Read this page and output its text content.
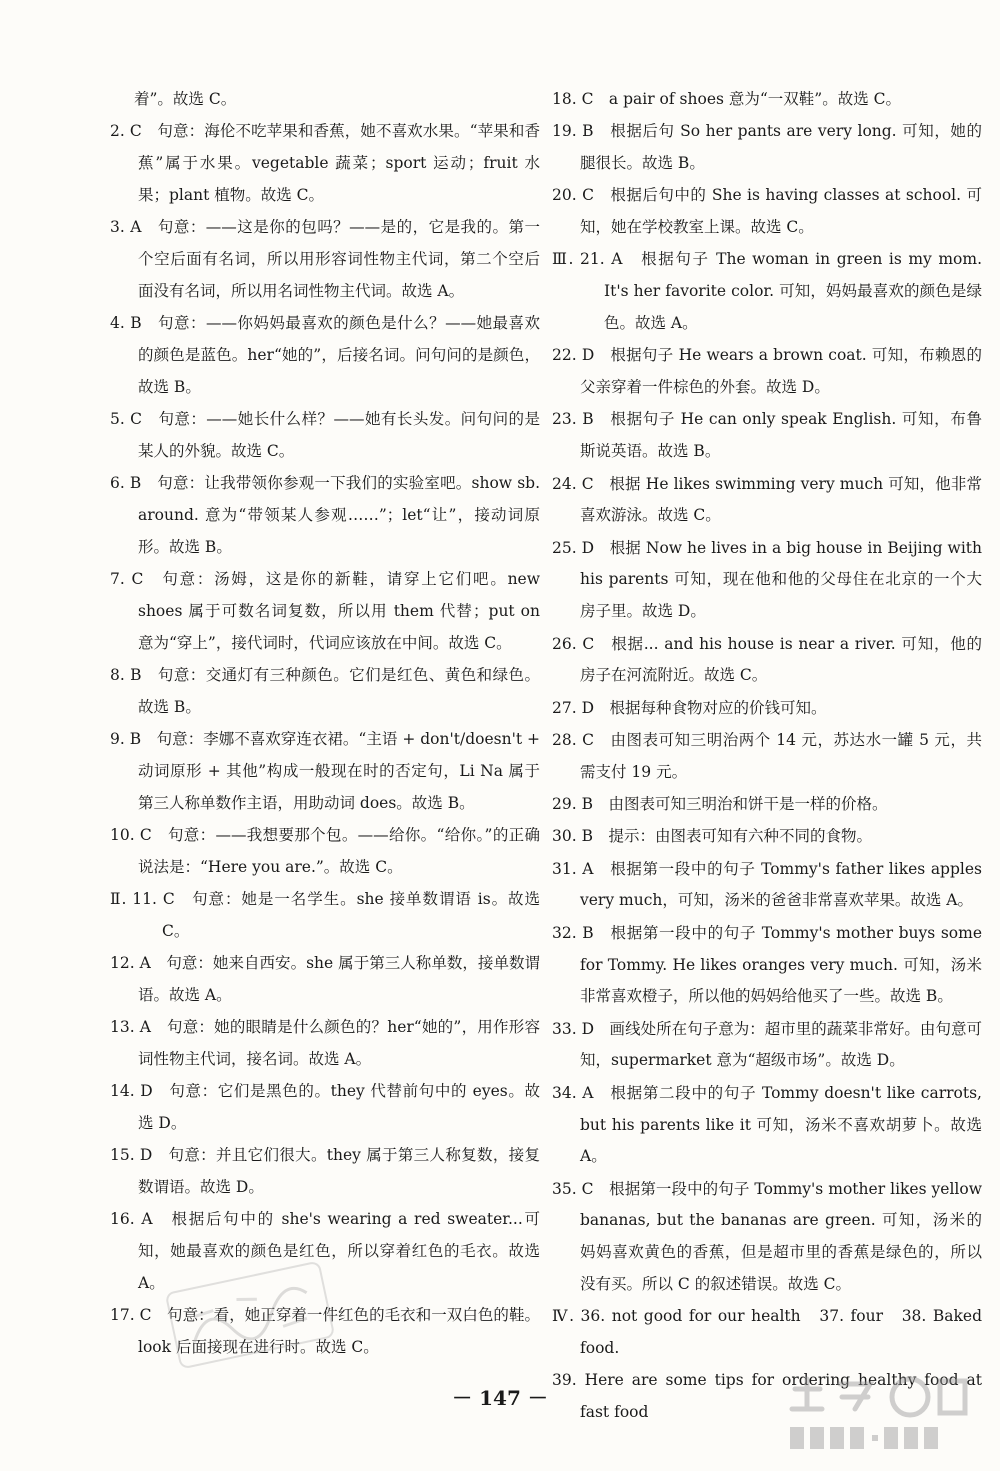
着”。故选 C。
2. C　句意：海伦不吃苹果和香蕉，她不喜欢水果。“苹果和香蕉”属于水果。vegetable 蔬菜；sport 运动；fruit 水果；plant 植物。故选 C。
3. A　句意：——这是你的包吗？——是的，它是我的。第一个空后面有名词，所以用形容词性物主代词，第二个空后面没有名词，所以用名词性物主代词。故选 A。
4. B　句意：——你妈妈最喜欢的颜色是什么？——她最喜欢的颜色是蓝色。her“她的”，后接名词。问句问的是颜色，故选 B。
5. C　句意：——她长什么样？——她有长头发。问句问的是某人的外貌。故选 C。
6. B　句意：让我带领你参观一下我们的实验室吧。show sb. around. 意为“带领某人参观……”；let“让”，接动词原形。故选 B。
7. C　句意：汤姆，这是你的新鞋，请穿上它们吧。new shoes 属于可数名词复数，所以用 them 代替；put on 意为“穿上”，接代词时，代词应该放在中间。故选 C。
8. B　句意：交通灯有三种颜色。它们是红色、黄色和绿色。故选 B。
9. B　句意：李娜不喜欢穿连衣裙。“主语 + don't/doesn't + 动词原形 + 其他”构成一般现在时的否定句，Li Na 属于第三人称单数作主语，用助动词 does。故选 B。
10. C　句意：——我想要那个包。——给你。“给你。”的正确说法是：“Here you are.”。故选 C。
Ⅱ. 11. C　句意：她是一名学生。she 接单数谓语 is。故选 C。
12. A　句意：她来自西安。she 属于第三人称单数，接单数谓语。故选 A。
13. A　句意：她的眼睛是什么颜色的？her“她的”，用作形容词性物主代词，接名词。故选 A。
14. D　句意：它们是黑色的。they 代替前句中的 eyes。故选 D。
15. D　句意：并且它们很大。they 属于第三人称复数，接复数谓语。故选 D。
16. A　根据后句中的 she's wearing a red sweater...可知，她最喜欢的颜色是红色，所以穿着红色的毛衣。故选 A。
17. C　句意：看，她正穿着一件红色的毛衣和一双白色的鞋。look 后面接现在进行时。故选 C。
18. C　a pair of shoes 意为“一双鞋”。故选 C。
19. B　根据后句 So her pants are very long. 可知，她的腿很长。故选 B。
20. C　根据后句中的 She is having classes at school. 可知，她在学校教室上课。故选 C。
Ⅲ. 21. A　根据句子 The woman in green is my mom. It's her favorite color. 可知，妈妈最喜欢的颜色是绿色。故选 A。
22. D　根据句子 He wears a brown coat. 可知，布赖恩的父亲穿着一件棕色的外套。故选 D。
23. B　根据句子 He can only speak English. 可知，布鲁斯说英语。故选 B。
24. C　根据 He likes swimming very much 可知，他非常喜欢游泳。故选 C。
25. D　根据 Now he lives in a big house in Beijing with his parents 可知，现在他和他的父母住在北京的一个大房子里。故选 D。
26. C　根据... and his house is near a river. 可知，他的房子在河流附近。故选 C。
27. D　根据每种食物对应的价钱可知。
28. C　由图表可知三明治两个 14 元，苏达水一罐 5 元，共需支付 19 元。
29. B　由图表可知三明治和饼干是一样的价格。
30. B　提示：由图表可知有六种不同的食物。
31. A　根据第一段中的句子 Tommy's father likes apples very much，可知，汤米的爸爸非常喜欢苹果。故选 A。
32. B　根据第一段中的句子 Tommy's mother buys some for Tommy. He likes oranges very much. 可知，汤米非常喜欢橙子，所以他的妈妈给他买了一些。故选 B。
33. D　画线处所在句子意为：超市里的蔬菜非常好。由句意可知，supermarket 意为“超级市场”。故选 D。
34. A　根据第二段中的句子 Tommy doesn't like carrots, but his parents like it 可知，汤米不喜欢胡萝卜。故选 A。
35. C　根据第一段中的句子 Tommy's mother likes yellow bananas, but the bananas are green. 可知，汤米的妈妈喜欢黄色的香蕉，但是超市里的香蕉是绿色的，所以没有买。所以 C 的叙述错误。故选 C。
Ⅳ. 36. not good for our health　37. four　38. Baked food.
39. Here are some tips for ordering healthy food at fast food
－ 147 －
